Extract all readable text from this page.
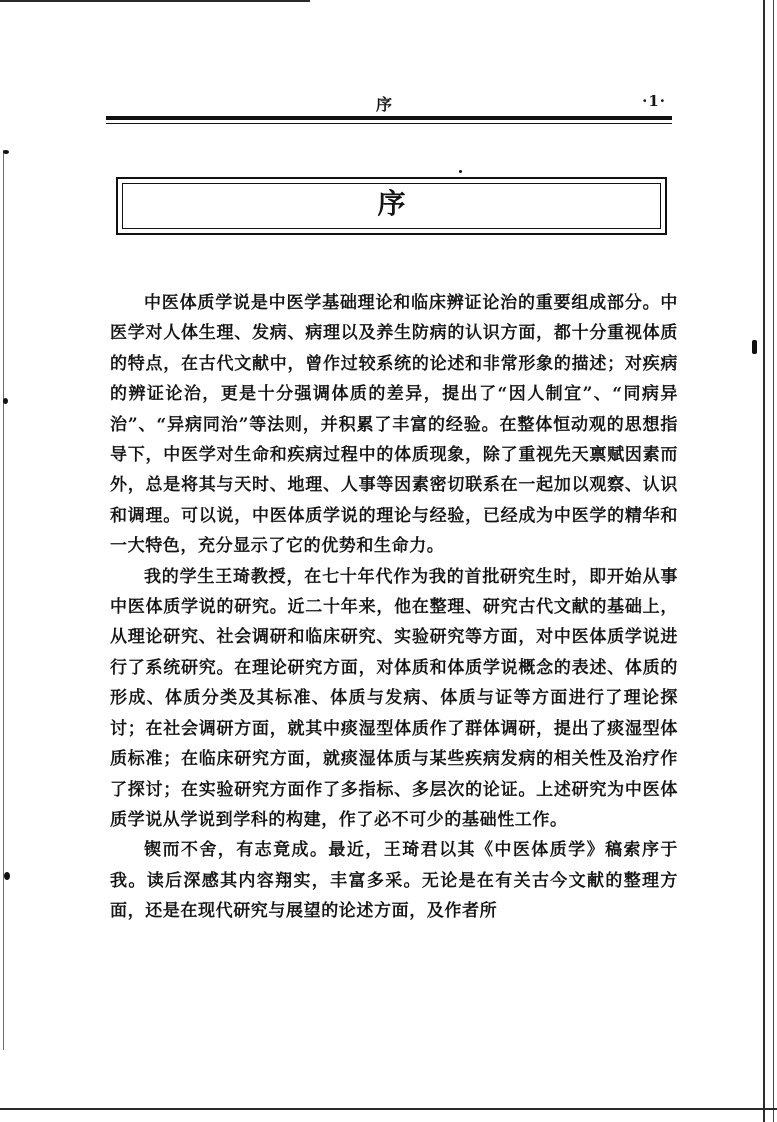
序	·1·
序

中医体质学说是中医学基础理论和临床辨证论治的重要组成部分。中医学对人体生理、发病、病理以及养生防病的认识方面，都十分重视体质的特点，在古代文献中，曾作过较系统的论述和非常形象的描述；对疾病的辨证论治，更是十分强调体质的差异，提出了“因人制宜”、“同病异治”、“异病同治”等法则，并积累了丰富的经验。在整体恒动观的思想指导下，中医学对生命和疾病过程中的体质现象，除了重视先天禀赋因素而外，总是将其与天时、地理、人事等因素密切联系在一起加以观察、认识和调理。可以说，中医体质学说的理论与经验，已经成为中医学的精华和一大特色，充分显示了它的优势和生命力。

我的学生王琦教授，在七十年代作为我的首批研究生时，即开始从事中医体质学说的研究。近二十年来，他在整理、研究古代文献的基础上，从理论研究、社会调研和临床研究、实验研究等方面，对中医体质学说进行了系统研究。在理论研究方面，对体质和体质学说概念的表述、体质的形成、体质分类及其标准、体质与发病、体质与证等方面进行了理论探讨；在社会调研方面，就其中痰湿型体质作了群体调研，提出了痰湿型体质标准；在临床研究方面，就痰湿体质与某些疾病发病的相关性及治疗作了探讨；在实验研究方面作了多指标、多层次的论证。上述研究为中医体质学说从学说到学科的构建，作了必不可少的基础性工作。

锲而不舍，有志竟成。最近，王琦君以其《中医体质学》稿索序于我。读后深感其内容翔实，丰富多采。无论是在有关古今文献的整理方面，还是在现代研究与展望的论述方面，及作者所
